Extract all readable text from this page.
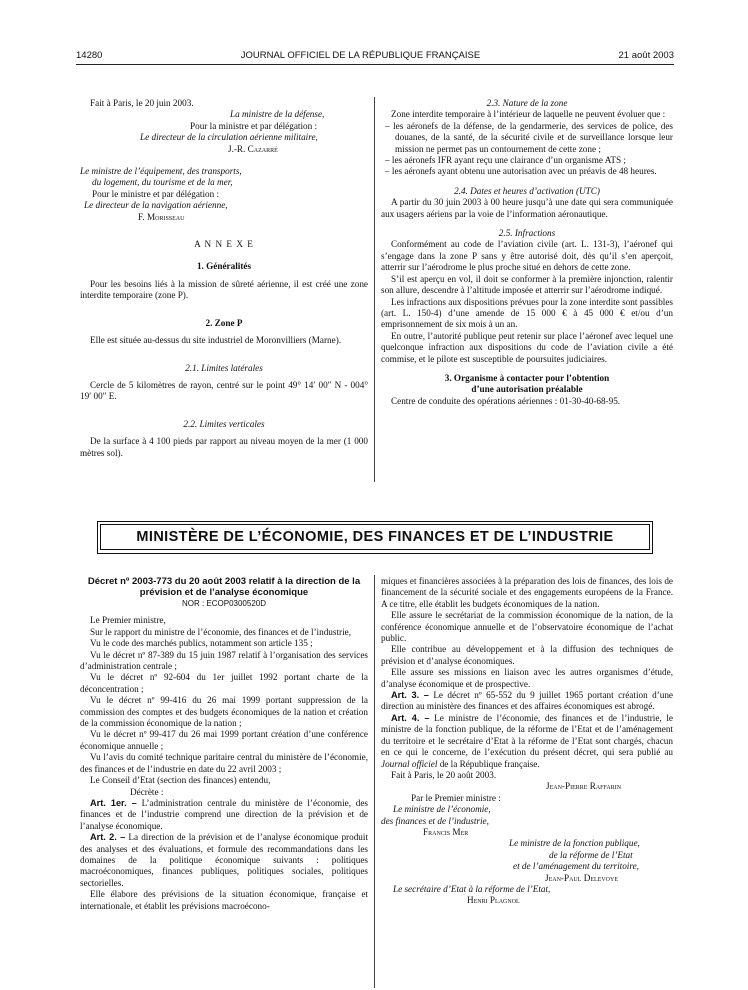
14280	JOURNAL OFFICIEL DE LA RÉPUBLIQUE FRANÇAISE	21 août 2003

Fait à Paris, le 20 juin 2003.

La ministre de la défense,

Pour la ministre et par délégation :

Le directeur de la circulation aérienne militaire,

J.-R. Cazarré

Le ministre de l’équipement, des transports,

du logement, du tourisme et de la mer,

Pour le ministre et par délégation :

Le directeur de la navigation aérienne,

F. Morisseau

A N N E X E

1. Généralités

Pour les besoins liés à la mission de sûreté aérienne, il est créé une zone interdite temporaire (zone P).

2. Zone P

Elle est située au-dessus du site industriel de Moronvilliers (Marne).

2.1. Limites latérales

Cercle de 5 kilomètres de rayon, centré sur le point 49° 14′ 00″ N - 004° 19′ 00″ E.

2.2. Limites verticales

De la surface à 4 100 pieds par rapport au niveau moyen de la mer (1 000 mètres sol).

2.3. Nature de la zone

Zone interdite temporaire à l’intérieur de laquelle ne peuvent évoluer que :

– les aéronefs de la défense, de la gendarmerie, des services de police, des douanes, de la santé, de la sécurité civile et de surveillance lorsque leur mission ne permet pas un contournement de cette zone ;
– les aéronefs IFR ayant reçu une clairance d’un organisme ATS ;
– les aéronefs ayant obtenu une autorisation avec un préavis de 48 heures.

2.4. Dates et heures d’activation (UTC)

A partir du 30 juin 2003 à 00 heure jusqu’à une date qui sera communiquée aux usagers aériens par la voie de l’information aéronautique.

2.5. Infractions

Conformément au code de l’aviation civile (art. L. 131-3), l’aéronef qui s’engage dans la zone P sans y être autorisé doit, dès qu’il s’en aperçoit, atterrir sur l’aérodrome le plus proche situé en dehors de cette zone.

S’il est aperçu en vol, il doit se conformer à la première injonction, ralentir son allure, descendre à l’altitude imposée et atterrir sur l’aérodrome indiqué.

Les infractions aux dispositions prévues pour la zone interdite sont passibles (art. L. 150-4) d’une amende de 15 000 € à 45 000 € et/ou d’un emprisonnement de six mois à un an.

En outre, l’autorité publique peut retenir sur place l’aéronef avec lequel une quelconque infraction aux dispositions du code de l’aviation civile a été commise, et le pilote est susceptible de poursuites judiciaires.

3. Organisme à contacter pour l’obtention

d’une autorisation préalable

Centre de conduite des opérations aériennes : 01-30-40-68-95.

MINISTÈRE DE L’ÉCONOMIE, DES FINANCES ET DE L’INDUSTRIE

Décret nº 2003-773 du 20 août 2003 relatif à la direction de la prévision et de l’analyse économique

NOR : ECOP0300520D

Le Premier ministre,

Sur le rapport du ministre de l’économie, des finances et de l’industrie,

Vu le code des marchés publics, notamment son article 135 ;

Vu le décret nº 87-389 du 15 juin 1987 relatif à l’organisation des services d’administration centrale ;

Vu le décret nº 92-604 du 1er juillet 1992 portant charte de la déconcentration ;

Vu le décret nº 99-416 du 26 mai 1999 portant suppression de la commission des comptes et des budgets économiques de la nation et création de la commission économique de la nation ;

Vu le décret nº 99-417 du 26 mai 1999 portant création d’une conférence économique annuelle ;

Vu l’avis du comité technique paritaire central du ministère de l’économie, des finances et de l’industrie en date du 22 avril 2003 ;

Le Conseil d’Etat (section des finances) entendu,

Décrète :

Art. 1er. – L’administration centrale du ministère de l’économie, des finances et de l’industrie comprend une direction de la prévision et de l’analyse économique.

Art. 2. – La direction de la prévision et de l’analyse économique produit des analyses et des évaluations, et formule des recommandations dans les domaines de la politique économique suivants : politiques macroéconomiques, finances publiques, politiques sociales, politiques sectorielles.

Elle élabore des prévisions de la situation économique, française et internationale, et établit les prévisions macroécono-

miques et financières associées à la préparation des lois de finances, des lois de financement de la sécurité sociale et des engagements européens de la France. A ce titre, elle établit les budgets économiques de la nation.

Elle assure le secrétariat de la commission économique de la nation, de la conférence économique annuelle et de l’observatoire économique de l’achat public.

Elle contribue au développement et à la diffusion des techniques de prévision et d’analyse économiques.

Elle assure ses missions en liaison avec les autres organismes d’étude, d’analyse économique et de prospective.

Art. 3. – Le décret nº 65-552 du 9 juillet 1965 portant création d’une direction au ministère des finances et des affaires économiques est abrogé.

Art. 4. – Le ministre de l’économie, des finances et de l’industrie, le ministre de la fonction publique, de la réforme de l’Etat et de l’aménagement du territoire et le secrétaire d’Etat à la réforme de l’Etat sont chargés, chacun en ce qui le concerne, de l’exécution du présent décret, qui sera publié au Journal officiel de la République française.

Fait à Paris, le 20 août 2003.

Jean-Pierre Raffarin

Par le Premier ministre :

Le ministre de l’économie,

des finances et de l’industrie,

Francis Mer

Le ministre de la fonction publique,

de la réforme de l’Etat

et de l’aménagement du territoire,

Jean-Paul Delevoye

Le secrétaire d’Etat à la réforme de l’Etat,

Henri Plagnol
